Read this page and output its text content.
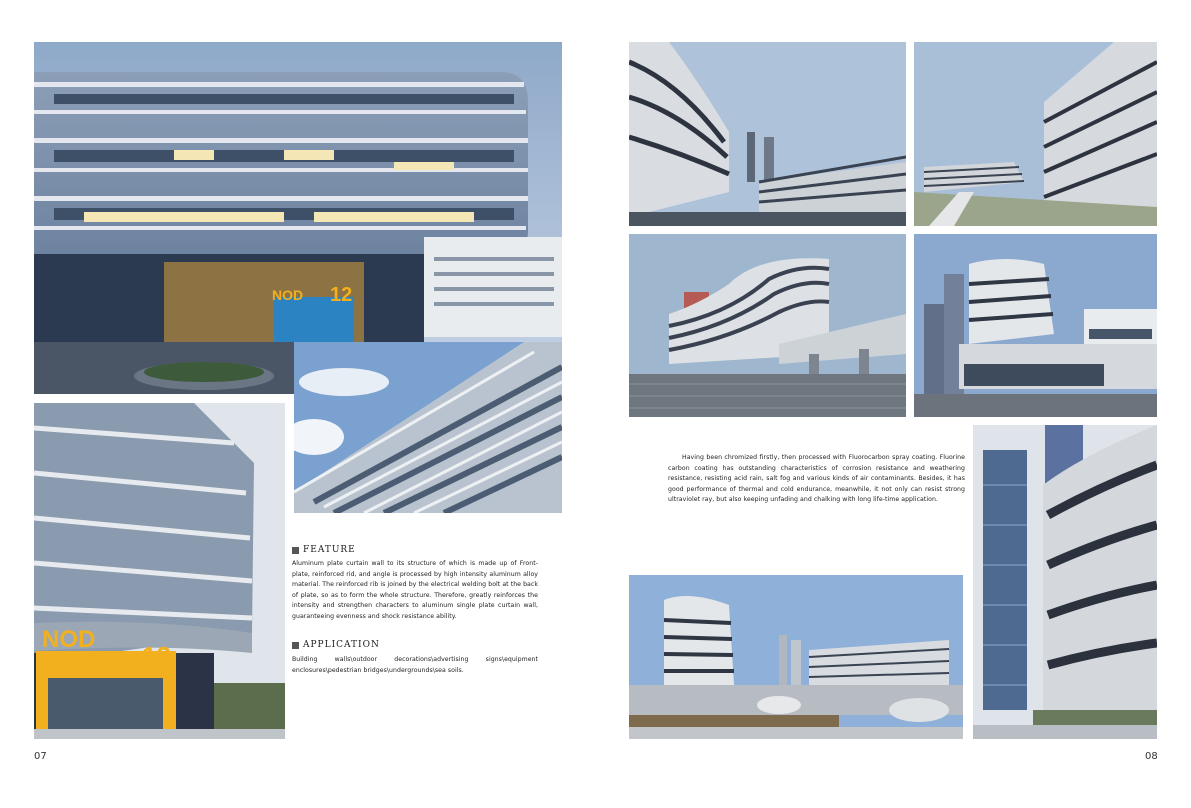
NOD 12
NOD
12
FEATURE
Aluminum plate curtain wall to its structure of which is made up of Front-plate, reinforced rid, and angle is processed by high intensity aluminum alloy material. The reinforced rib is joined by the electrical welding bolt at the back of plate, so as to form the whole structure. Therefore, greatly reinforces the intensity and strengthen characters to aluminum single plate curtain wall, guaranteeing evenness and shock resistance ability.
APPLICATION
Building walls\outdoor decorations\advertising signs\equipment enclosures\pedestrian bridges\undergrounds\sea soils.
07
Having been chromized firstly, then processed with Fluorocarbon spray coating. Fluorine carbon coating has outstanding characteristics of corrosion resistance and weathering resistance, resisting acid rain, salt fog and various kinds of air contaminants. Besides, it has good performance of thermal and cold endurance, meanwhile, it not only can resist strong ultraviolet ray, but also keeping unfading and chalking with long life-time application.
08
